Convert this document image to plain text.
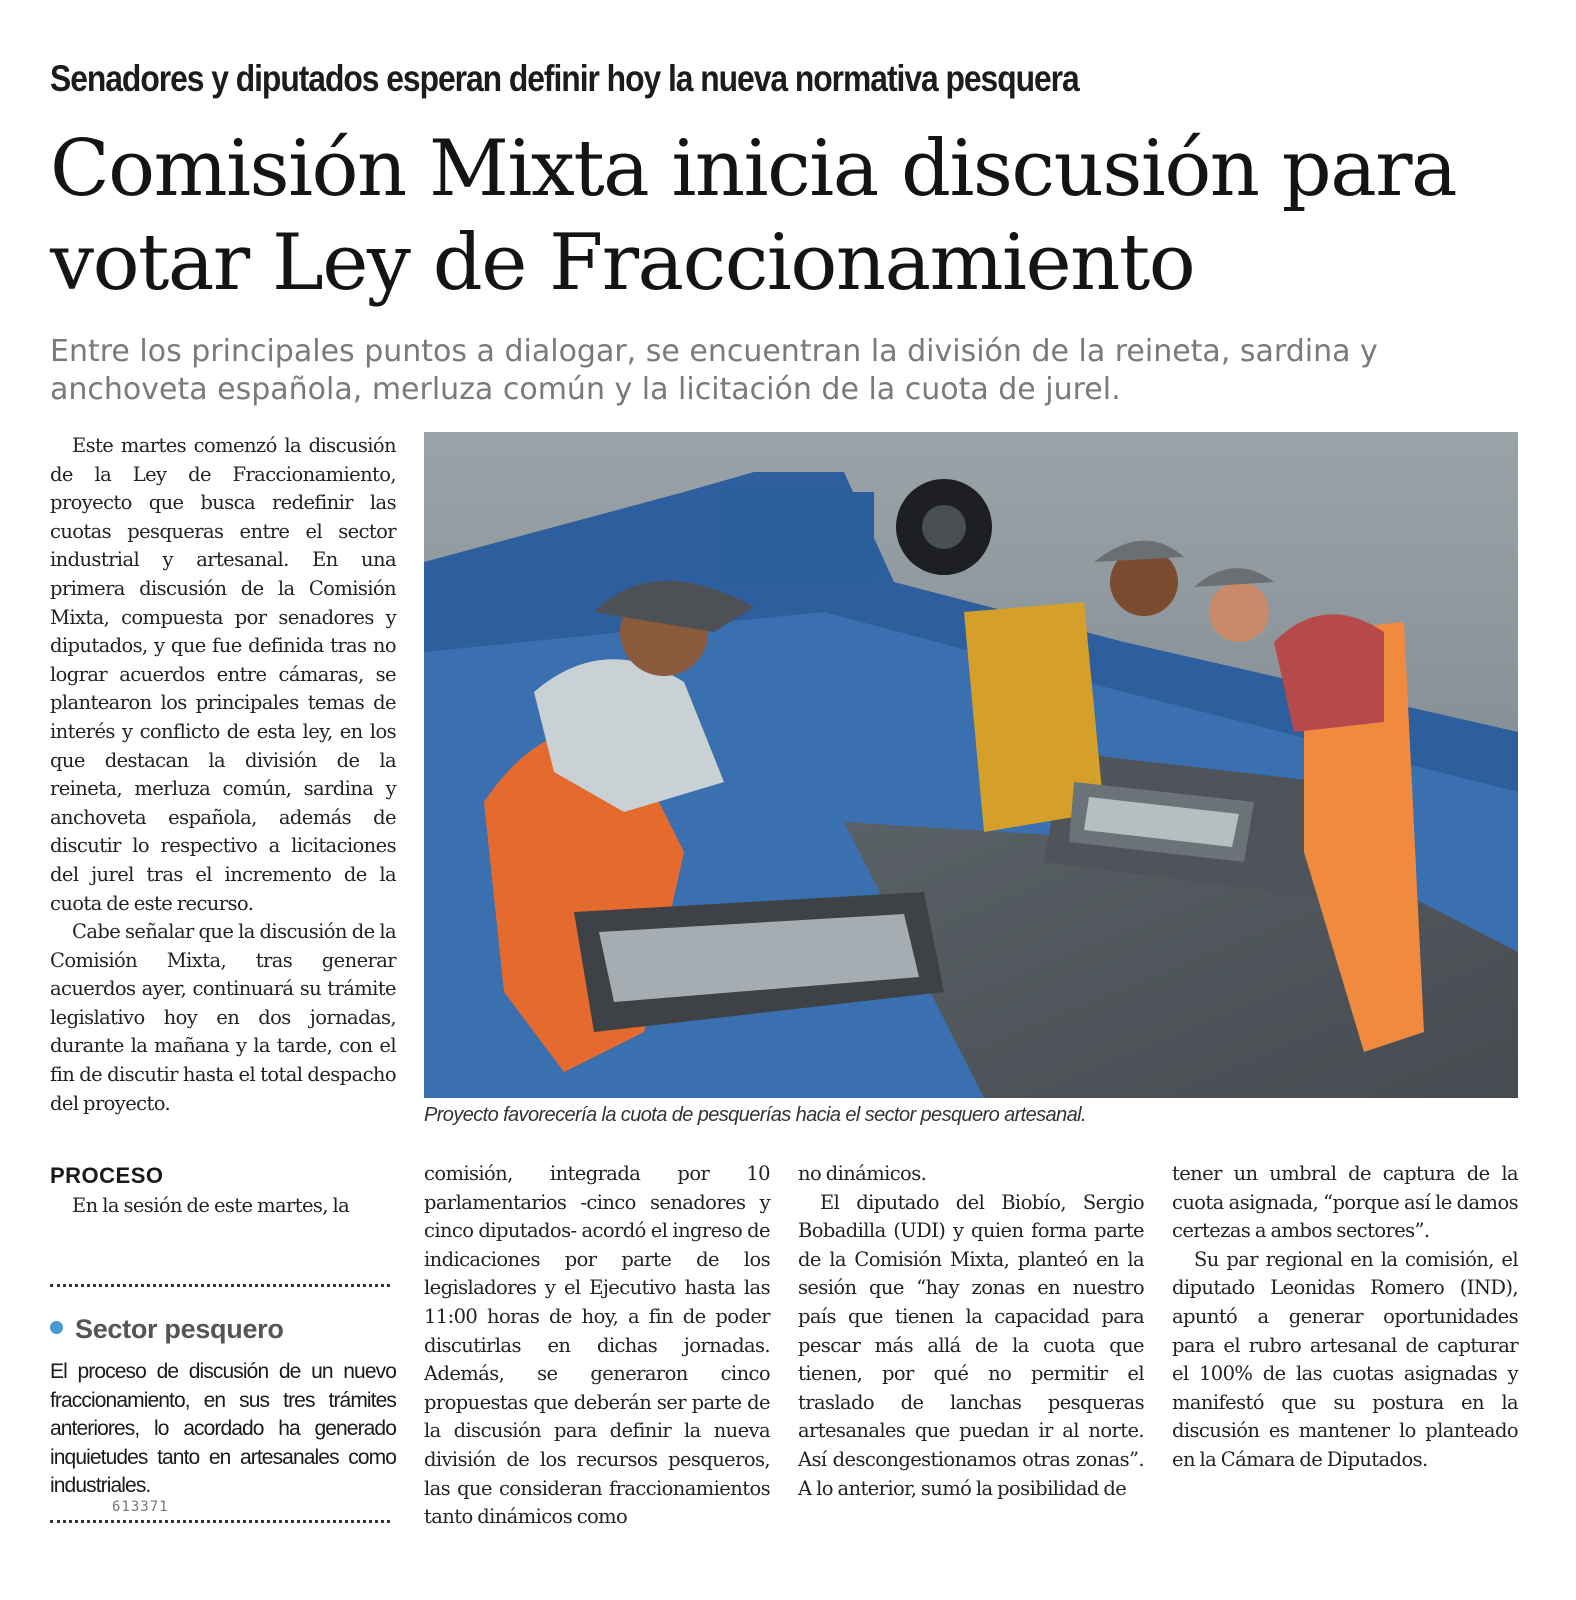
Senadores y diputados esperan definir hoy la nueva normativa pesquera
Comisión Mixta inicia discusión para votar Ley de Fraccionamiento

Entre los principales puntos a dialogar, se encuentran la división de la reineta, sardina y anchoveta española, merluza común y la licitación de la cuota de jurel.

Este martes comenzó la discusión de la Ley de Fraccionamiento, proyecto que busca redefinir las cuotas pesqueras entre el sector industrial y artesanal. En una primera discusión de la Comisión Mixta, compuesta por senadores y diputados, y que fue definida tras no lograr acuerdos entre cámaras, se plantearon los principales temas de interés y conflicto de esta ley, en los que destacan la división de la reineta, merluza común, sardina y anchoveta española, además de discutir lo respectivo a licitaciones del jurel tras el incremento de la cuota de este recurso.

Cabe señalar que la discusión de la Comisión Mixta, tras generar acuerdos ayer, continuará su trámite legislativo hoy en dos jornadas, durante la mañana y la tarde, con el fin de discutir hasta el total despacho del proyecto.

Proyecto favorecería la cuota de pesquerías hacia el sector pesquero artesanal.
PROCESO

En la sesión de este martes, la

comisión, integrada por 10 parlamentarios -cinco senadores y cinco diputados- acordó el ingreso de indicaciones por parte de los legisladores y el Ejecutivo hasta las 11:00 horas de hoy, a fin de poder discutirlas en dichas jornadas. Además, se generaron cinco propuestas que deberán ser parte de la discusión para definir la nueva división de los recursos pesqueros, las que consideran fraccionamientos tanto dinámicos como

no dinámicos.

El diputado del Biobío, Sergio Bobadilla (UDI) y quien forma parte de la Comisión Mixta, planteó en la sesión que “hay zonas en nuestro país que tienen la capacidad para pescar más allá de la cuota que tienen, por qué no permitir el traslado de lanchas pesqueras artesanales que puedan ir al norte. Así descongestionamos otras zonas”. A lo anterior, sumó la posibilidad de

tener un umbral de captura de la cuota asignada, “porque así le damos certezas a ambos sectores”.

Su par regional en la comisión, el diputado Leonidas Romero (IND), apuntó a generar oportunidades para el rubro artesanal de capturar el 100% de las cuotas asignadas y manifestó que su postura en la discusión es mantener lo planteado en la Cámara de Diputados.

Sector pesquero

El proceso de discusión de un nuevo fraccionamiento, en sus tres trámites anteriores, lo acordado ha generado inquietudes tanto en artesanales como industriales.

613371
